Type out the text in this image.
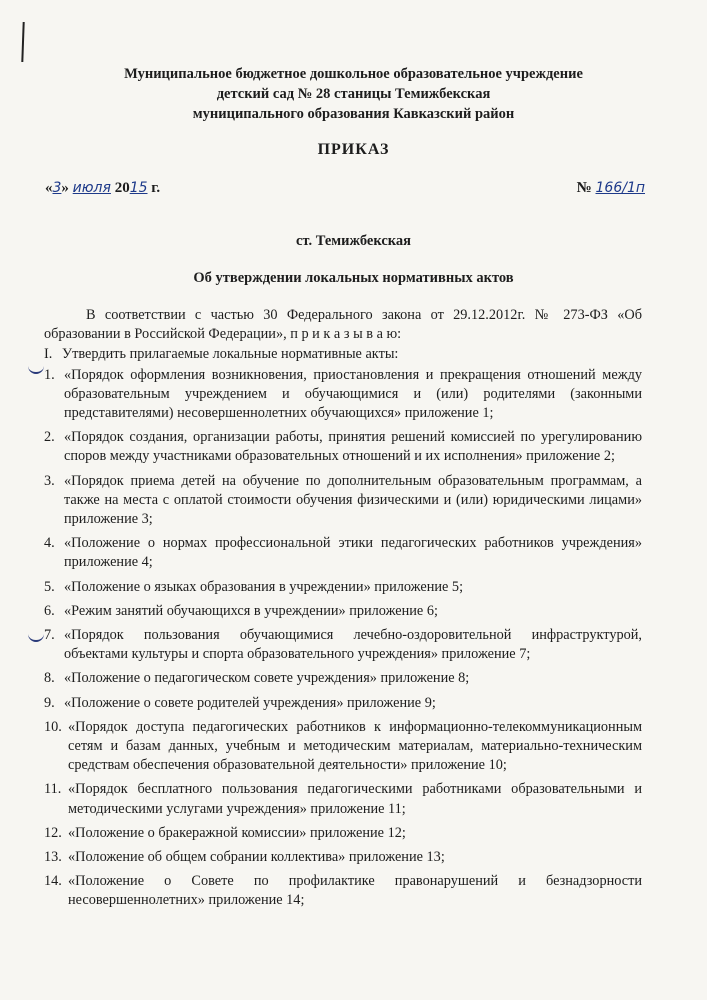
Муниципальное бюджетное дошкольное образовательное учреждение
детский сад № 28 станицы Темижбекская
муниципального образования Кавказский район
ПРИКАЗ
«3» июля 2015 г.	№ 166/1п
ст. Темижбекская
Об утверждении локальных нормативных актов

В соответствии с частью 30 Федерального закона от 29.12.2012г. № 273-ФЗ «Об образовании в Российской Федерации», п р и к а з ы в а ю:

I. Утвердить прилагаемые локальные нормативные акты:
1. «Порядок оформления возникновения, приостановления и прекращения отношений между образовательным учреждением и обучающимися и (или) родителями (законными представителями) несовершеннолетних обучающихся» приложение 1;
2. «Порядок создания, организации работы, принятия решений комиссией по урегулированию споров между участниками образовательных отношений и их исполнения» приложение 2;
3. «Порядок приема детей на обучение по дополнительным образовательным программам, а также на места с оплатой стоимости обучения физическими и (или) юридическими лицами» приложение 3;
4. «Положение о нормах профессиональной этики педагогических работников учреждения» приложение 4;
5. «Положение о языках образования в учреждении» приложение 5;
6. «Режим занятий обучающихся в учреждении» приложение 6;
7. «Порядок пользования обучающимися лечебно-оздоровительной инфраструктурой, объектами культуры и спорта образовательного учреждения» приложение 7;
8. «Положение о педагогическом совете учреждения» приложение 8;
9. «Положение о совете родителей учреждения» приложение 9;
10. «Порядок доступа педагогических работников к информационно-телекоммуникационным сетям и базам данных, учебным и методическим материалам, материально-техническим средствам обеспечения образовательной деятельности» приложение 10;
11. «Порядок бесплатного пользования педагогическими работниками образовательными и методическими услугами учреждения» приложение 11;
12. «Положение о бракеражной комиссии» приложение 12;
13. «Положение об общем собрании коллектива» приложение 13;
14. «Положение о Совете по профилактике правонарушений и безнадзорности несовершеннолетних» приложение 14;
